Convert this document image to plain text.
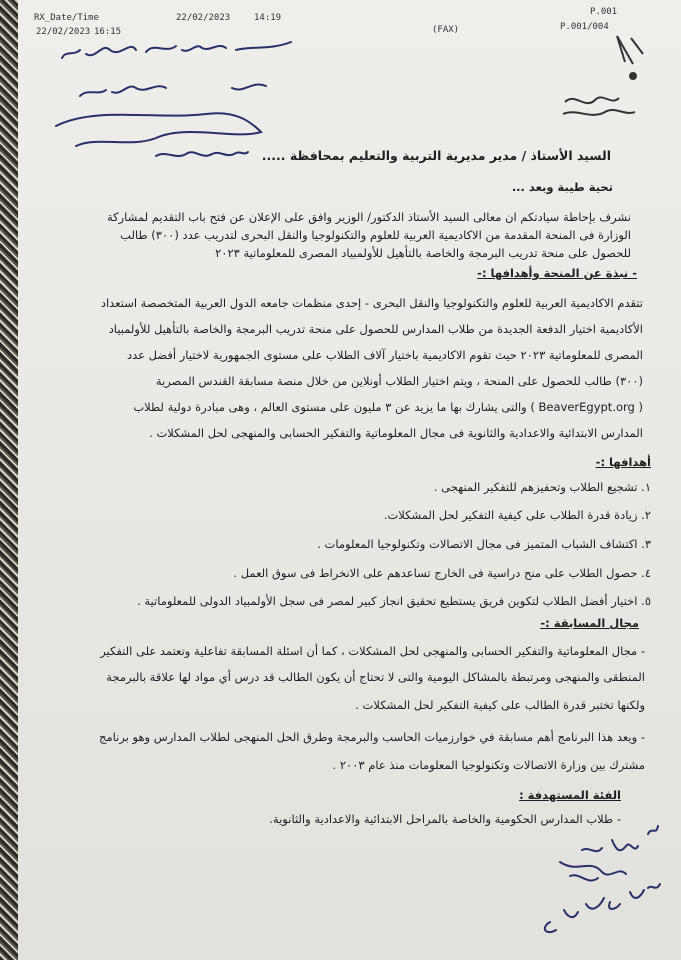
RX_Date/Time
22/02/2023 16:15
22/02/2023	14:19
(FAX)
P.001
P.001/004
السيد الأستاذ / مدير مديرية التربية والتعليم بمحافظة .....
تحية طيبة وبعد ...
نشرف بإحاطة سيادتكم ان معالى السيد الأستاذ الدكتور/ الوزير وافق على الإعلان عن فتح باب التقديم لمشاركة
الوزارة فى المنحة المقدمة من الاكاديمية العربية للعلوم والتكنولوجيا والنقل البحرى لتدريب عدد (٣٠٠) طالب
للحصول على منحة تدريب البرمجة والخاصة بالتأهيل للأولمبياد المصرى للمعلوماتية ٢٠٢٣
- نبذة عن المنحة وأهدافها :-
تتقدم الاكاديمية العربية للعلوم والتكنولوجيا والنقل البحرى - إحدى منظمات جامعه الدول العربية المتخصصة استعداد
الأكاديمية اختيار الدفعة الجديدة من طلاب المدارس للحصول على منحة تدريب البرمجة والخاصة بالتأهيل للأولمبياد
المصرى للمعلوماتية ٢٠٢٣ حيث تقوم الاكاديمية باختيار آلاف الطلاب على مستوى الجمهورية لاختيار أفضل عدد
(٣٠٠) طالب للحصول على المنحة ، ويتم اختيار الطلاب أونلاين من خلال منصة مسابقة القندس المصرية
( BeaverEgypt.org ) والتى يشارك بها ما يزيد عن ٣ مليون على مستوى العالم ، وهى مبادرة دولية لطلاب
المدارس الابتدائية والاعدادية والثانوية فى مجال المعلوماتية والتفكير الحسابى والمنهجى لحل المشكلات .
أهدافها :-
١. تشجيع الطلاب وتحفيزهم للتفكير المنهجى .
٢. زيادة قدرة الطلاب على كيفية التفكير لحل المشكلات.
٣. اكتشاف الشباب المتميز فى مجال الاتصالات وتكنولوجيا المعلومات .
٤. حصول الطلاب على منح دراسية فى الخارج تساعدهم على الانخراط فى سوق العمل .
٥. اختيار أفضل الطلاب لتكوين فريق يستطيع تحقيق انجاز كبير لمصر فى سجل الأولمبياد الدولى للمعلوماتية .
مجال المسابقة :-
- مجال المعلوماتية والتفكير الحسابى والمنهجى لحل المشكلات ، كما أن اسئلة المسابقة تفاعلية وتعتمد على التفكير
المنطقى والمنهجى ومرتبطة بالمشاكل اليومية والتى لا تحتاج أن يكون الطالب قد درس أي مواد لها علاقة بالبرمجة
ولكنها تختبر قدرة الطالب على كيفية التفكير لحل المشكلات .
- ويعد هذا البرنامج أهم مسابقة في خوارزميات الحاسب والبرمجة وطرق الحل المنهجى لطلاب المدارس وهو برنامج
مشترك بين وزارة الاتصالات وتكنولوجيا المعلومات منذ عام ٢٠٠٣ .
الفئة المستهدفة :
- طلاب المدارس الحكومية والخاصة بالمراحل الابتدائية والاعدادية والثانوية.
